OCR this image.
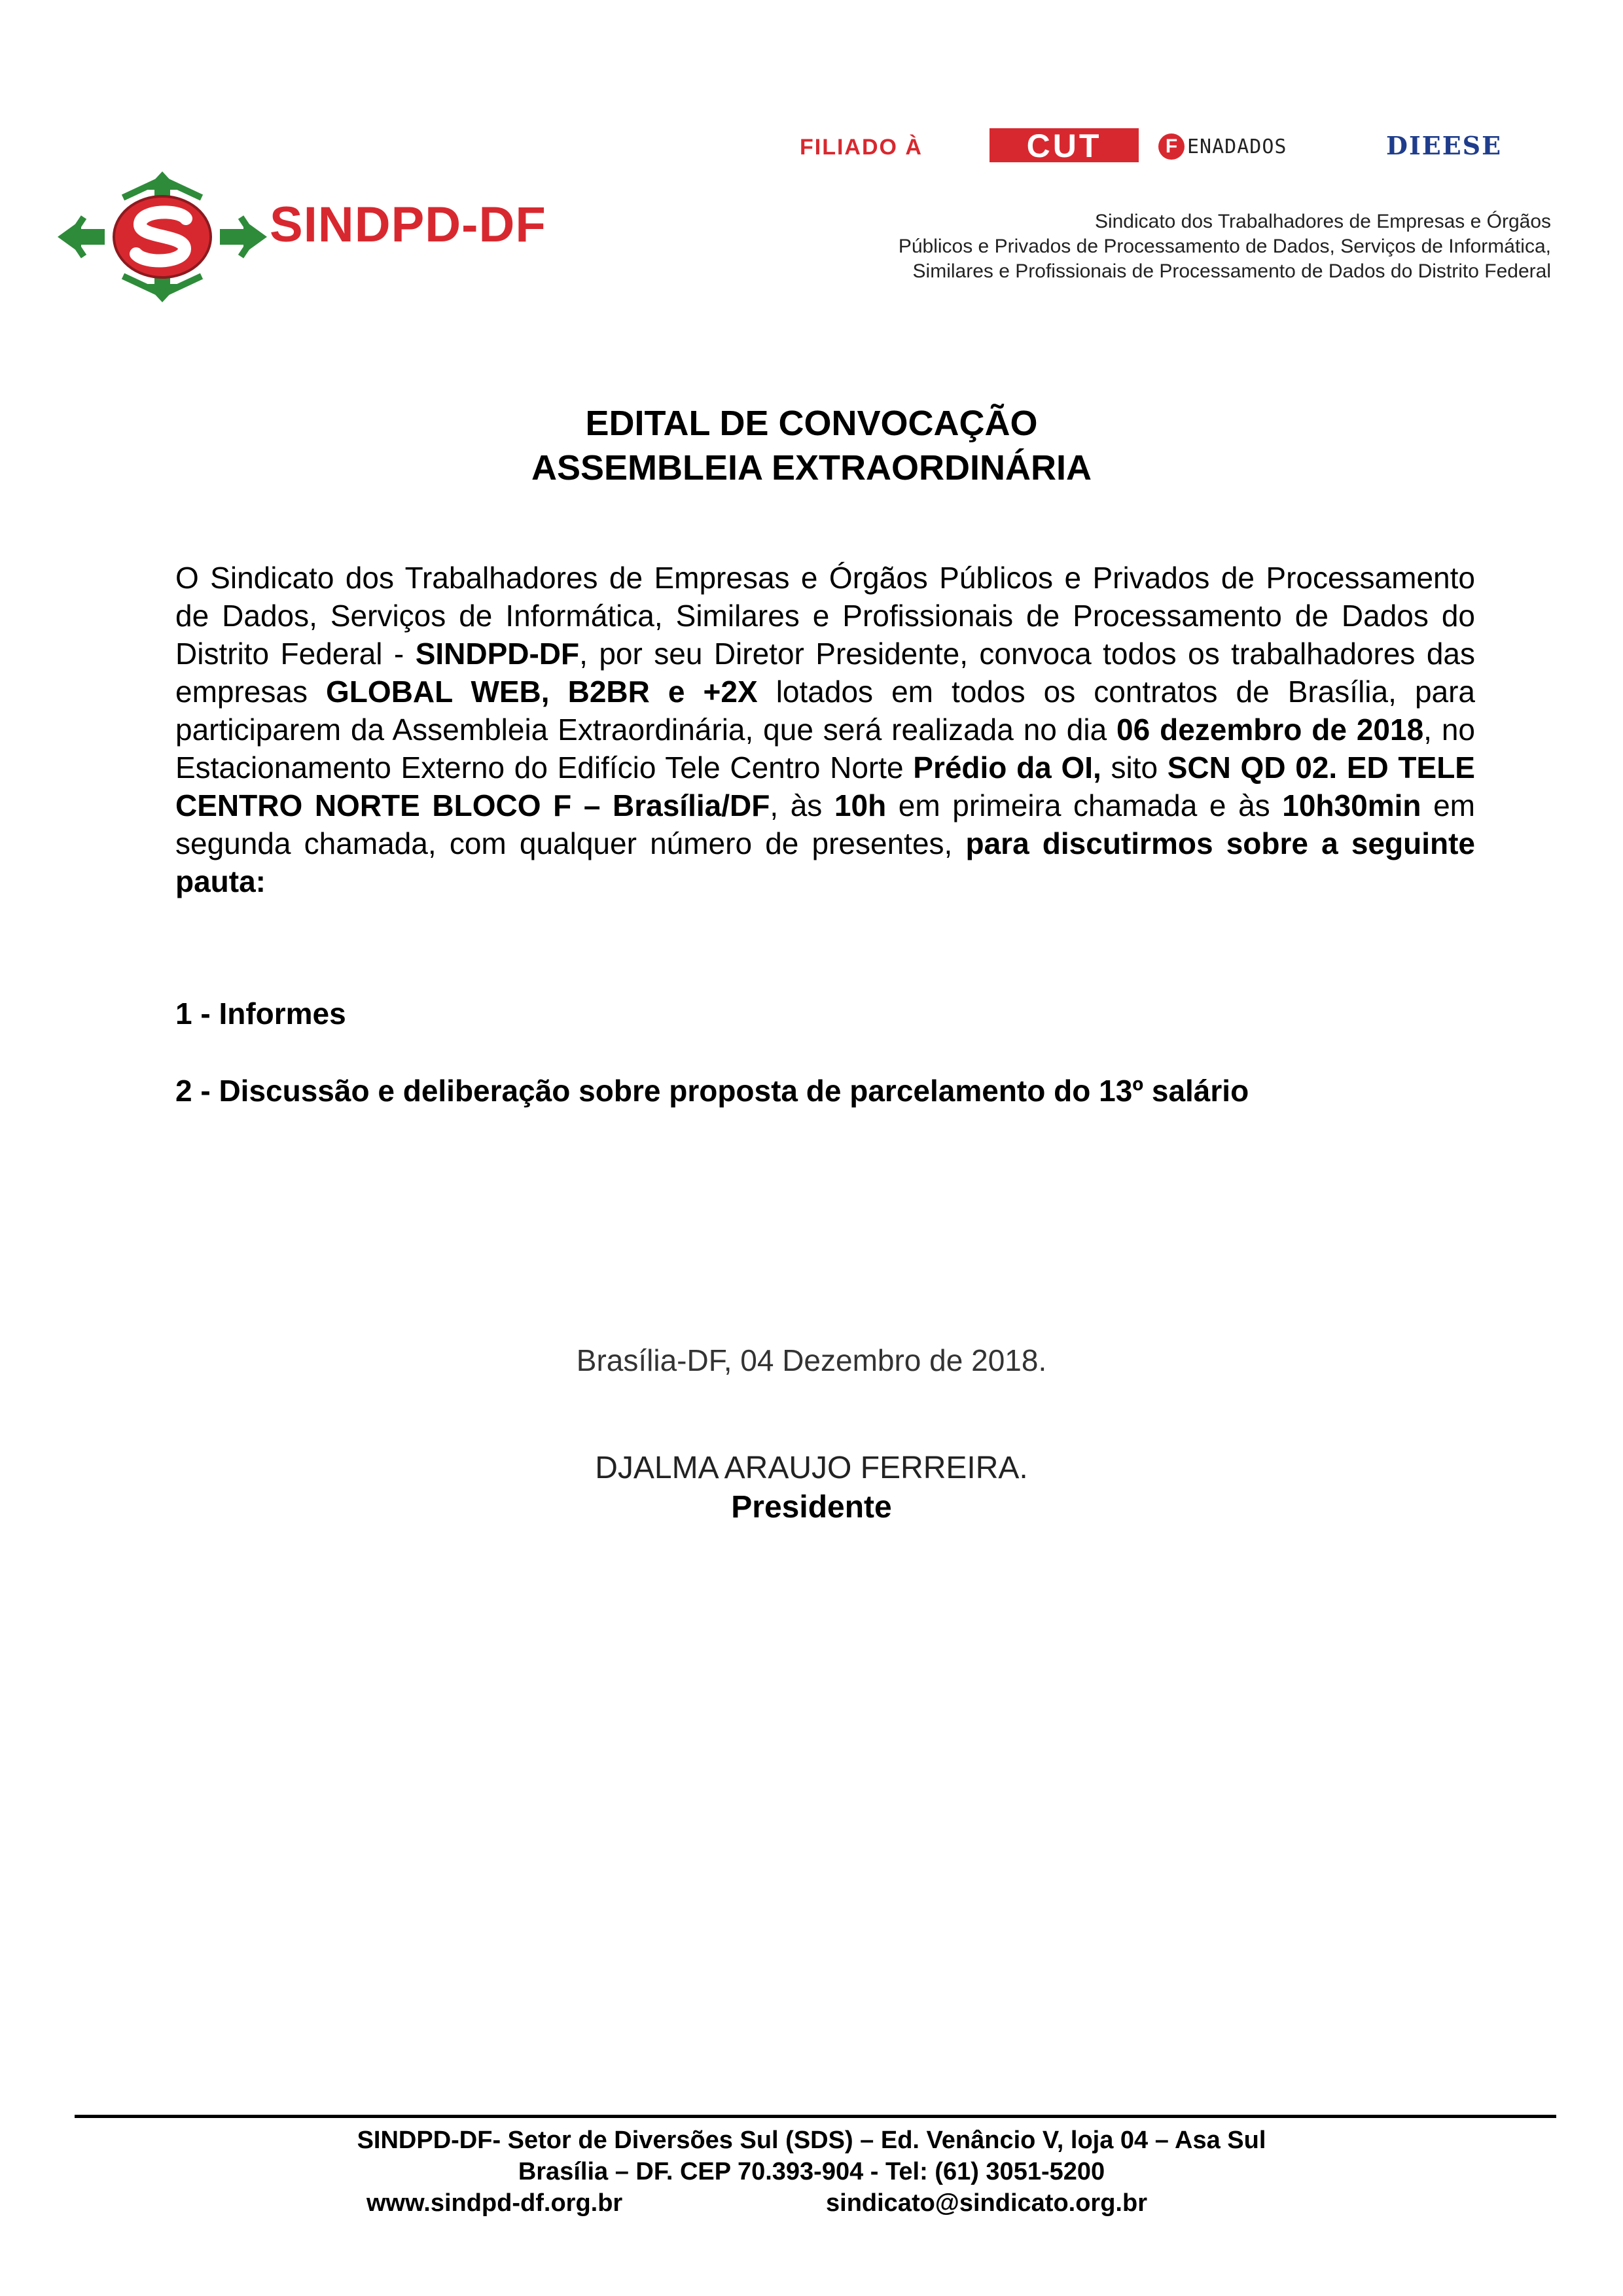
SINDPD-DF
FILIADO À	CUT	F ENADADOS	DIEESE
Sindicato dos Trabalhadores de Empresas e Órgãos
Públicos e Privados de Processamento de Dados, Serviços de Informática,
Similares e Profissionais de Processamento de Dados do Distrito Federal
EDITAL DE CONVOCAÇÃO
ASSEMBLEIA EXTRAORDINÁRIA
O Sindicato dos Trabalhadores de Empresas e Órgãos Públicos e Privados de Processamento de Dados, Serviços de Informática, Similares e Profissionais de Processamento de Dados do Distrito Federal - SINDPD-DF, por seu Diretor Presidente, convoca todos os trabalhadores das empresas GLOBAL WEB, B2BR e +2X lotados em todos os contratos de Brasília, para participarem da Assembleia Extraordinária, que será realizada no dia 06 dezembro de 2018, no Estacionamento Externo do Edifício Tele Centro Norte Prédio da OI, sito SCN QD 02. ED TELE CENTRO NORTE BLOCO F – Brasília/DF, às 10h em primeira chamada e às 10h30min em segunda chamada, com qualquer número de presentes, para discutirmos sobre a seguinte pauta:
1 - Informes
2 - Discussão e deliberação sobre proposta de parcelamento do 13º salário
Brasília-DF, 04 Dezembro de 2018.
DJALMA ARAUJO FERREIRA.
Presidente
SINDPD-DF- Setor de Diversões Sul (SDS) – Ed. Venâncio V, loja 04 – Asa Sul
Brasília – DF. CEP 70.393-904 - Tel: (61) 3051-5200
www.sindpd-df.org.br	sindicato@sindicato.org.br
